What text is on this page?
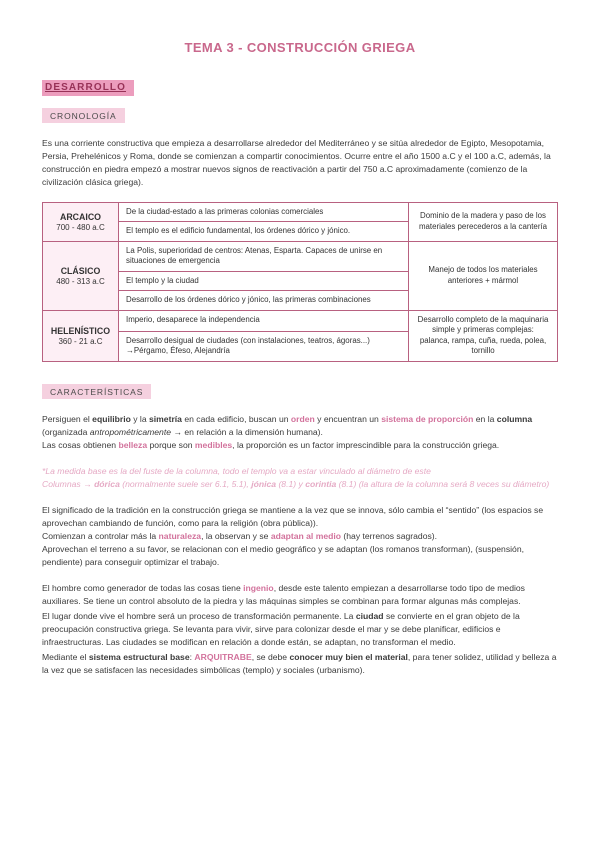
TEMA 3 - CONSTRUCCIÓN GRIEGA
DESARROLLO
CRONOLOGÍA

Es una corriente constructiva que empieza a desarrollarse alrededor del Mediterráneo y se sitúa alrededor de Egipto, Mesopotamia, Persia, Prehelénicos y Roma, donde se comienzan a compartir conocimientos. Ocurre entre el año 1500 a.C y el 100 a.C, además, la construcción en piedra empezó a mostrar nuevos signos de reactivación a partir del 750 a.C aproximadamente (comienzo de la civilización clásica griega).

ARCAICO
700 - 480 a.C
De la ciudad-estado a las primeras colonias comerciales
El templo es el edificio fundamental, los órdenes dórico y jónico.
Dominio de la madera y paso de los materiales perecederos a la cantería
CLÁSICO
480 - 313 a.C
La Polis, superioridad de centros: Atenas, Esparta. Capaces de unirse en situaciones de emergencia
El templo y la ciudad
Desarrollo de los órdenes dórico y jónico, las primeras combinaciones
Manejo de todos los materiales anteriores + mármol
HELENÍSTICO
360 - 21 a.C
Imperio, desaparece la independencia
Desarrollo desigual de ciudades (con instalaciones, teatros, ágoras...) →Pérgamo, Éfeso, Alejandría
Desarrollo completo de la maquinaria simple y primeras complejas: palanca, rampa, cuña, rueda, polea, tornillo
CARACTERÍSTICAS

Persiguen el equilibrio y la simetría en cada edificio, buscan un orden y encuentran un sistema de proporción en la columna (organizada antropométricamente → en relación a la dimensión humana).
Las cosas obtienen belleza porque son medibles, la proporción es un factor imprescindible para la construcción griega.

*La medida base es la del fuste de la columna, todo el templo va a estar vinculado al diámetro de este
Columnas → dórica (normalmente suele ser 6.1, 5.1), jónica (8.1) y corintia (8.1) (la altura de la columna será 8 veces su diámetro)

El significado de la tradición en la construcción griega se mantiene a la vez que se innova, sólo cambia el “sentido” (los espacios se aprovechan cambiando de función, como para la religión (obra pública)).
Comienzan a controlar más la naturaleza, la observan y se adaptan al medio (hay terrenos sagrados).
Aprovechan el terreno a su favor, se relacionan con el medio geográfico y se adaptan (los romanos transforman), (suspensión, pendiente) para conseguir optimizar el trabajo.

El hombre como generador de todas las cosas tiene ingenio, desde este talento empiezan a desarrollarse todo tipo de medios auxiliares. Se tiene un control absoluto de la piedra y las máquinas simples se combinan para formar algunas más complejas.

El lugar donde vive el hombre será un proceso de transformación permanente. La ciudad se convierte en el gran objeto de la preocupación constructiva griega. Se levanta para vivir, sirve para colonizar desde el mar y se debe planificar, edificios e infraestructuras. Las ciudades se modifican en relación a donde están, se adaptan, no transforman el medio.

Mediante el sistema estructural base: ARQUITRABE, se debe conocer muy bien el material, para tener solidez, utilidad y belleza a la vez que se satisfacen las necesidades simbólicas (templo) y sociales (urbanismo).
